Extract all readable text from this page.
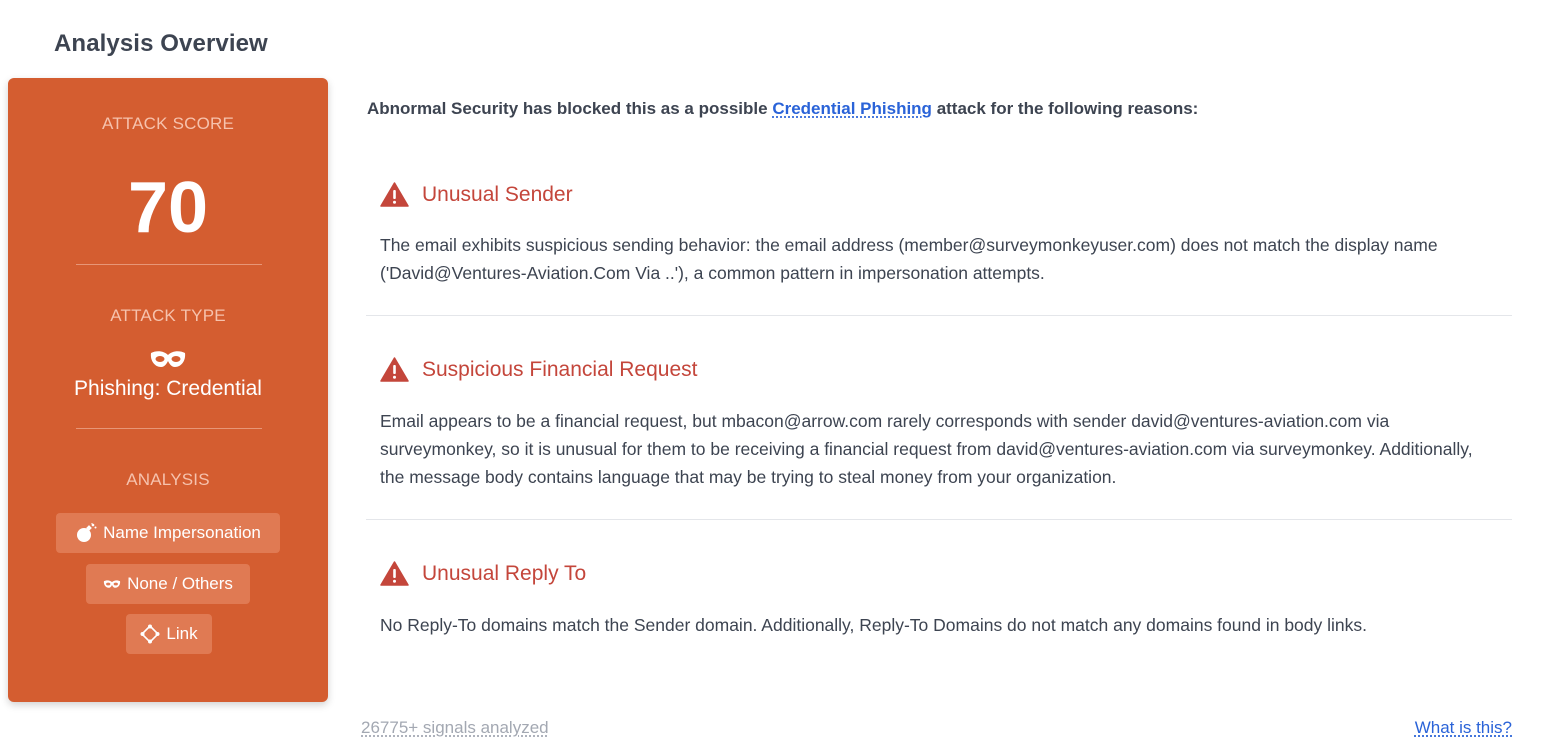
Analysis Overview
ATTACK SCORE
70
ATTACK TYPE
Phishing: Credential
ANALYSIS
Name Impersonation
None / Others
Link
Abnormal Security has blocked this as a possible Credential Phishing attack for the following reasons:
Unusual Sender
The email exhibits suspicious sending behavior: the email address (member@surveymonkeyuser.com) does not match the display name ('David@Ventures-Aviation.Com Via ..'), a common pattern in impersonation attempts.
Suspicious Financial Request
Email appears to be a financial request, but mbacon@arrow.com rarely corresponds with sender david@ventures-aviation.com via surveymonkey, so it is unusual for them to be receiving a financial request from david@ventures-aviation.com via surveymonkey. Additionally, the message body contains language that may be trying to steal money from your organization.
Unusual Reply To
No Reply-To domains match the Sender domain. Additionally, Reply-To Domains do not match any domains found in body links.
26775+ signals analyzed	What is this?
